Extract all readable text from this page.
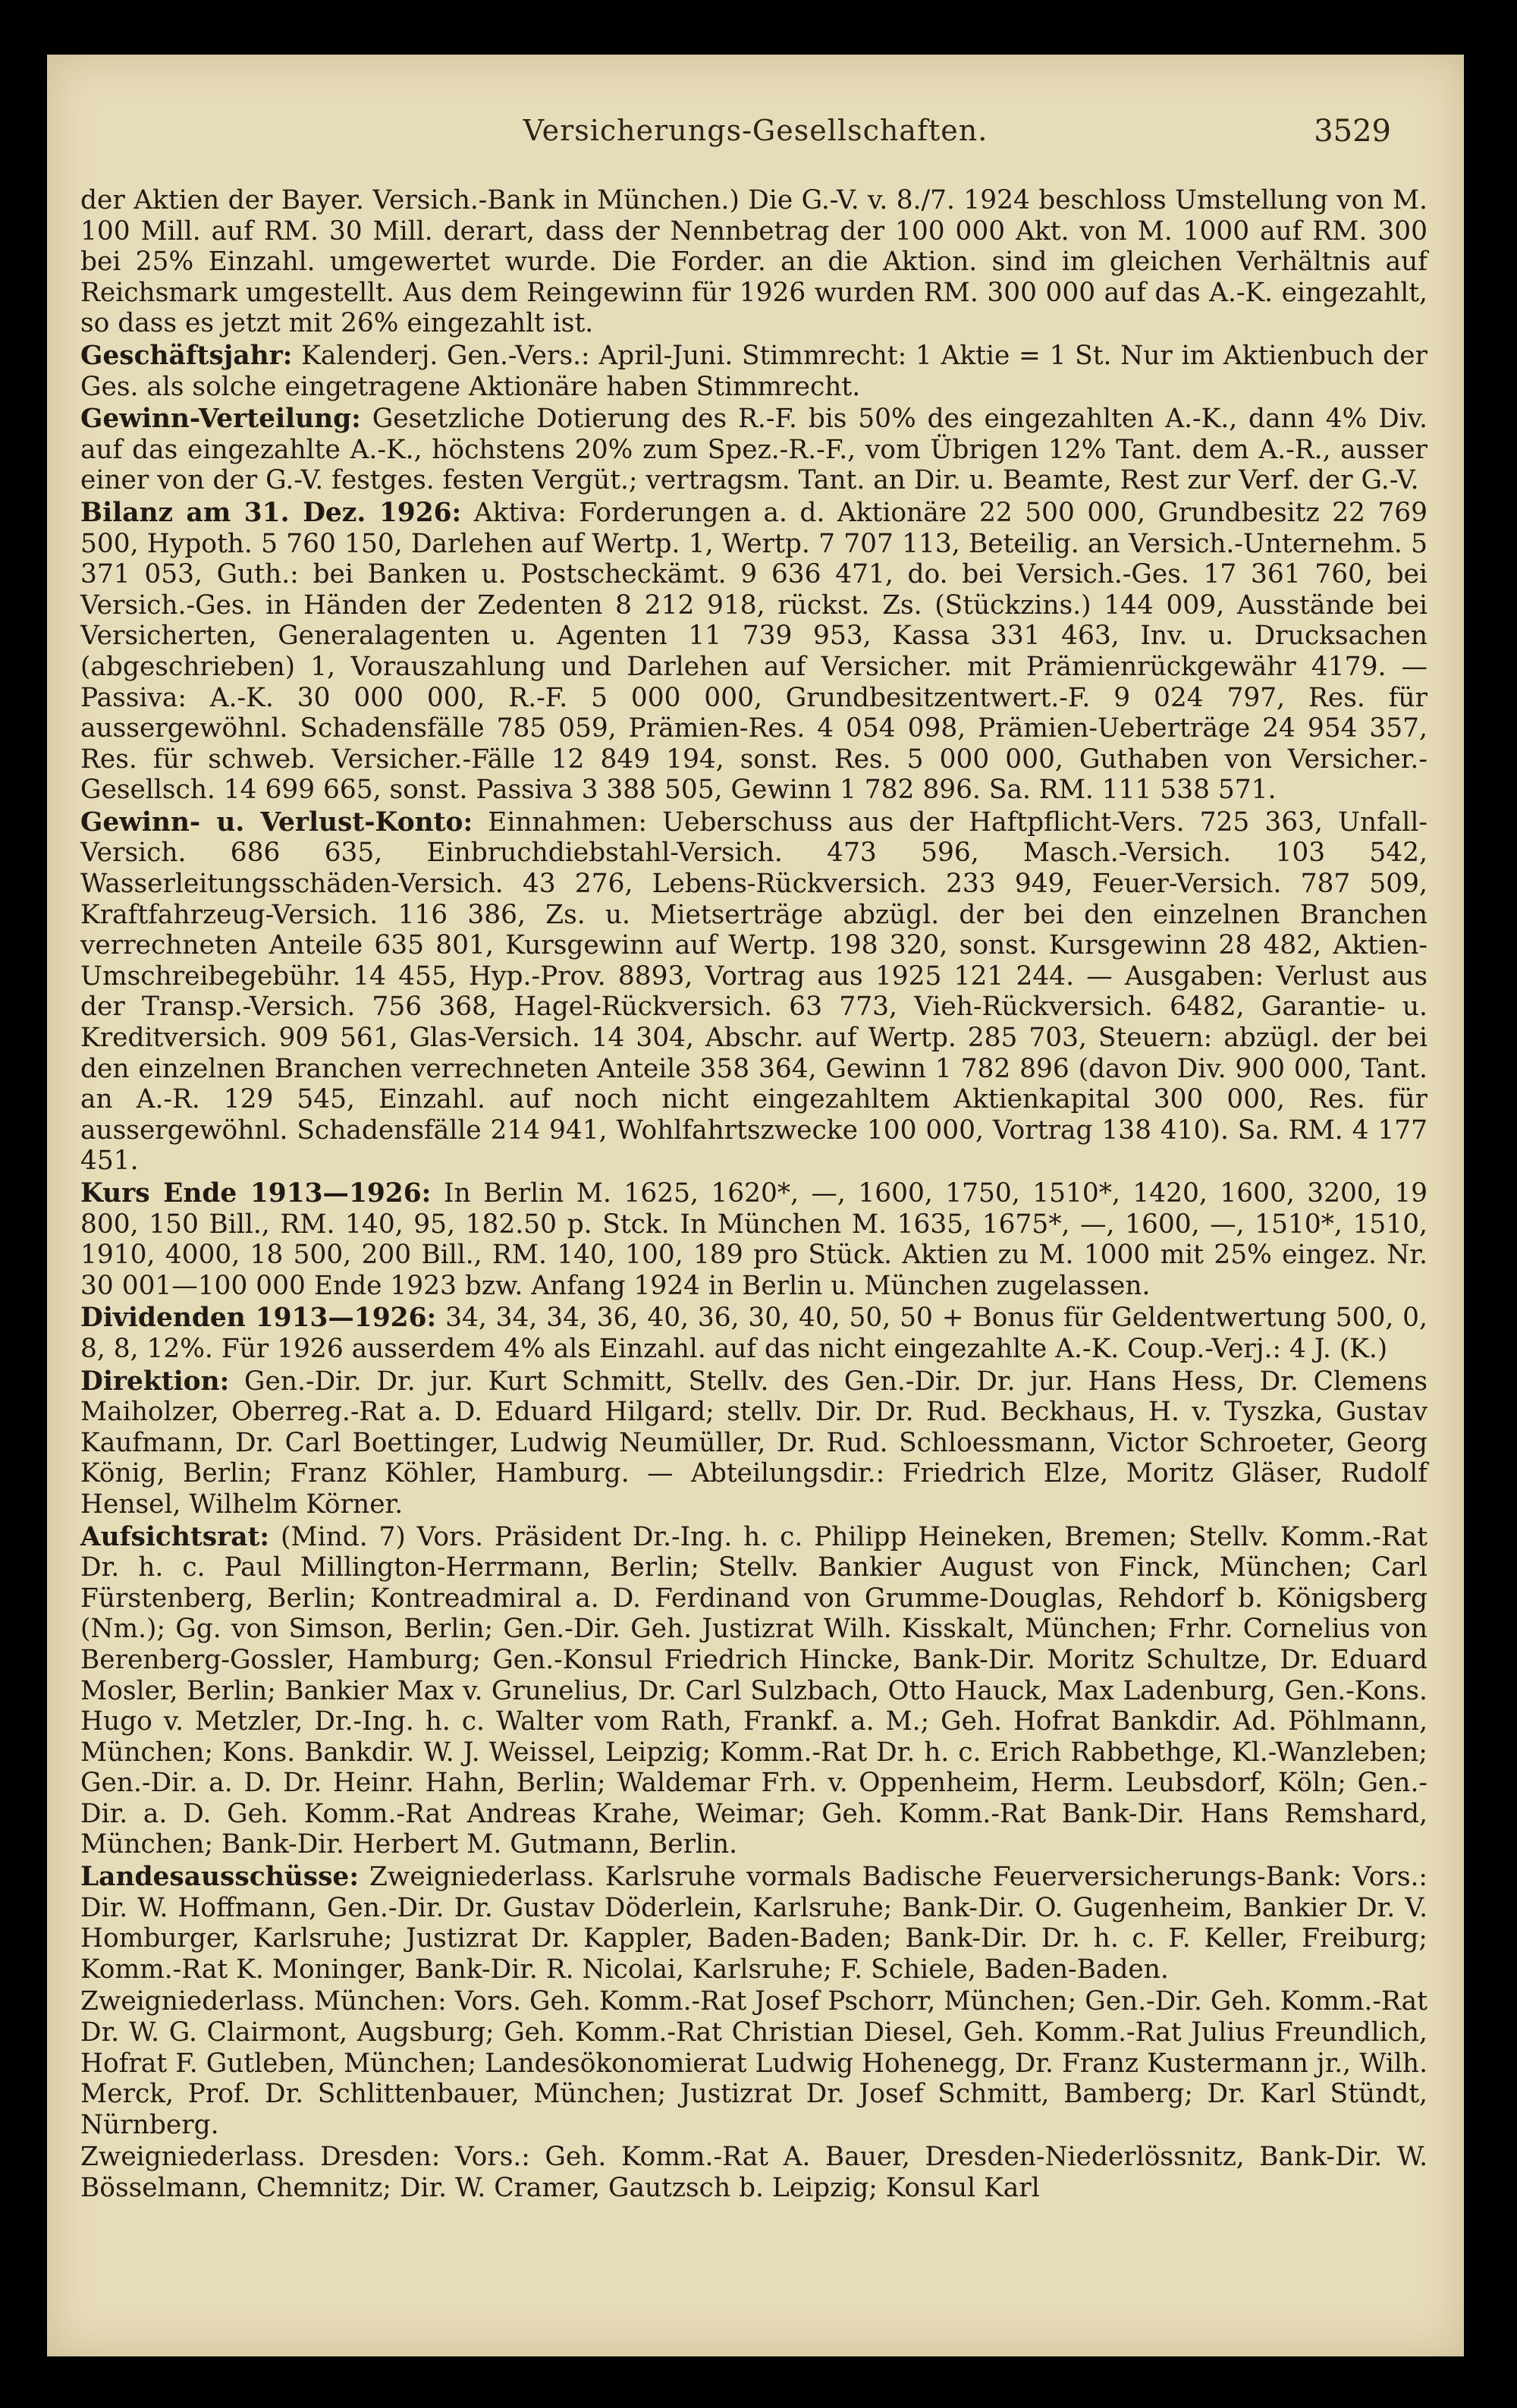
Versicherungs-Gesellschaften.	3529

der Aktien der Bayer. Versich.-Bank in München.) Die G.-V. v. 8./7. 1924 beschloss Umstellung von M. 100 Mill. auf RM. 30 Mill. derart, dass der Nennbetrag der 100 000 Akt. von M. 1000 auf RM. 300 bei 25% Einzahl. umgewertet wurde. Die Forder. an die Aktion. sind im gleichen Verhältnis auf Reichsmark umgestellt. Aus dem Reingewinn für 1926 wurden RM. 300 000 auf das A.-K. eingezahlt, so dass es jetzt mit 26% eingezahlt ist.

Geschäftsjahr: Kalenderj. Gen.-Vers.: April-Juni. Stimmrecht: 1 Aktie = 1 St. Nur im Aktienbuch der Ges. als solche eingetragene Aktionäre haben Stimmrecht.

Gewinn-Verteilung: Gesetzliche Dotierung des R.-F. bis 50% des eingezahlten A.-K., dann 4% Div. auf das eingezahlte A.-K., höchstens 20% zum Spez.-R.-F., vom Übrigen 12% Tant. dem A.-R., ausser einer von der G.-V. festges. festen Vergüt.; vertragsm. Tant. an Dir. u. Beamte, Rest zur Verf. der G.-V.

Bilanz am 31. Dez. 1926: Aktiva: Forderungen a. d. Aktionäre 22 500 000, Grundbesitz 22 769 500, Hypoth. 5 760 150, Darlehen auf Wertp. 1, Wertp. 7 707 113, Beteilig. an Versich.-Unternehm. 5 371 053, Guth.: bei Banken u. Postscheckämt. 9 636 471, do. bei Versich.-Ges. 17 361 760, bei Versich.-Ges. in Händen der Zedenten 8 212 918, rückst. Zs. (Stückzins.) 144 009, Ausstände bei Versicherten, Generalagenten u. Agenten 11 739 953, Kassa 331 463, Inv. u. Drucksachen (abgeschrieben) 1, Vorauszahlung und Darlehen auf Versicher. mit Prämienrückgewähr 4179. — Passiva: A.-K. 30 000 000, R.-F. 5 000 000, Grundbesitzentwert.-F. 9 024 797, Res. für aussergewöhnl. Schadensfälle 785 059, Prämien-Res. 4 054 098, Prämien-Ueberträge 24 954 357, Res. für schweb. Versicher.-Fälle 12 849 194, sonst. Res. 5 000 000, Guthaben von Versicher.-Gesellsch. 14 699 665, sonst. Passiva 3 388 505, Gewinn 1 782 896. Sa. RM. 111 538 571.

Gewinn- u. Verlust-Konto: Einnahmen: Ueberschuss aus der Haftpflicht-Vers. 725 363, Unfall-Versich. 686 635, Einbruchdiebstahl-Versich. 473 596, Masch.-Versich. 103 542, Wasserleitungsschäden-Versich. 43 276, Lebens-Rückversich. 233 949, Feuer-Versich. 787 509, Kraftfahrzeug-Versich. 116 386, Zs. u. Mietserträge abzügl. der bei den einzelnen Branchen verrechneten Anteile 635 801, Kursgewinn auf Wertp. 198 320, sonst. Kursgewinn 28 482, Aktien-Umschreibegebühr. 14 455, Hyp.-Prov. 8893, Vortrag aus 1925 121 244. — Ausgaben: Verlust aus der Transp.-Versich. 756 368, Hagel-Rückversich. 63 773, Vieh-Rückversich. 6482, Garantie- u. Kreditversich. 909 561, Glas-Versich. 14 304, Abschr. auf Wertp. 285 703, Steuern: abzügl. der bei den einzelnen Branchen verrechneten Anteile 358 364, Gewinn 1 782 896 (davon Div. 900 000, Tant. an A.-R. 129 545, Einzahl. auf noch nicht eingezahltem Aktienkapital 300 000, Res. für aussergewöhnl. Schadensfälle 214 941, Wohlfahrtszwecke 100 000, Vortrag 138 410). Sa. RM. 4 177 451.

Kurs Ende 1913—1926: In Berlin M. 1625, 1620*, —, 1600, 1750, 1510*, 1420, 1600, 3200, 19 800, 150 Bill., RM. 140, 95, 182.50 p. Stck. In München M. 1635, 1675*, —, 1600, —, 1510*, 1510, 1910, 4000, 18 500, 200 Bill., RM. 140, 100, 189 pro Stück. Aktien zu M. 1000 mit 25% eingez. Nr. 30 001—100 000 Ende 1923 bzw. Anfang 1924 in Berlin u. München zugelassen.

Dividenden 1913—1926: 34, 34, 34, 36, 40, 36, 30, 40, 50, 50 + Bonus für Geldentwertung 500, 0, 8, 8, 12%. Für 1926 ausserdem 4% als Einzahl. auf das nicht eingezahlte A.-K. Coup.-Verj.: 4 J. (K.)

Direktion: Gen.-Dir. Dr. jur. Kurt Schmitt, Stellv. des Gen.-Dir. Dr. jur. Hans Hess, Dr. Clemens Maiholzer, Oberreg.-Rat a. D. Eduard Hilgard; stellv. Dir. Dr. Rud. Beckhaus, H. v. Tyszka, Gustav Kaufmann, Dr. Carl Boettinger, Ludwig Neumüller, Dr. Rud. Schloessmann, Victor Schroeter, Georg König, Berlin; Franz Köhler, Hamburg. — Abteilungsdir.: Friedrich Elze, Moritz Gläser, Rudolf Hensel, Wilhelm Körner.

Aufsichtsrat: (Mind. 7) Vors. Präsident Dr.-Ing. h. c. Philipp Heineken, Bremen; Stellv. Komm.-Rat Dr. h. c. Paul Millington-Herrmann, Berlin; Stellv. Bankier August von Finck, München; Carl Fürstenberg, Berlin; Kontreadmiral a. D. Ferdinand von Grumme-Douglas, Rehdorf b. Königsberg (Nm.); Gg. von Simson, Berlin; Gen.-Dir. Geh. Justizrat Wilh. Kisskalt, München; Frhr. Cornelius von Berenberg-Gossler, Hamburg; Gen.-Konsul Friedrich Hincke, Bank-Dir. Moritz Schultze, Dr. Eduard Mosler, Berlin; Bankier Max v. Grunelius, Dr. Carl Sulzbach, Otto Hauck, Max Ladenburg, Gen.-Kons. Hugo v. Metzler, Dr.-Ing. h. c. Walter vom Rath, Frankf. a. M.; Geh. Hofrat Bankdir. Ad. Pöhlmann, München; Kons. Bankdir. W. J. Weissel, Leipzig; Komm.-Rat Dr. h. c. Erich Rabbethge, Kl.-Wanzleben; Gen.-Dir. a. D. Dr. Heinr. Hahn, Berlin; Waldemar Frh. v. Oppenheim, Herm. Leubsdorf, Köln; Gen.-Dir. a. D. Geh. Komm.-Rat Andreas Krahe, Weimar; Geh. Komm.-Rat Bank-Dir. Hans Remshard, München; Bank-Dir. Herbert M. Gutmann, Berlin.

Landesausschüsse: Zweigniederlass. Karlsruhe vormals Badische Feuerversicherungs-Bank: Vors.: Dir. W. Hoffmann, Gen.-Dir. Dr. Gustav Döderlein, Karlsruhe; Bank-Dir. O. Gugenheim, Bankier Dr. V. Homburger, Karlsruhe; Justizrat Dr. Kappler, Baden-Baden; Bank-Dir. Dr. h. c. F. Keller, Freiburg; Komm.-Rat K. Moninger, Bank-Dir. R. Nicolai, Karlsruhe; F. Schiele, Baden-Baden.

Zweigniederlass. München: Vors. Geh. Komm.-Rat Josef Pschorr, München; Gen.-Dir. Geh. Komm.-Rat Dr. W. G. Clairmont, Augsburg; Geh. Komm.-Rat Christian Diesel, Geh. Komm.-Rat Julius Freundlich, Hofrat F. Gutleben, München; Landesökonomierat Ludwig Hohenegg, Dr. Franz Kustermann jr., Wilh. Merck, Prof. Dr. Schlittenbauer, München; Justizrat Dr. Josef Schmitt, Bamberg; Dr. Karl Stündt, Nürnberg.

Zweigniederlass. Dresden: Vors.: Geh. Komm.-Rat A. Bauer, Dresden-Niederlössnitz, Bank-Dir. W. Bösselmann, Chemnitz; Dir. W. Cramer, Gautzsch b. Leipzig; Konsul Karl
